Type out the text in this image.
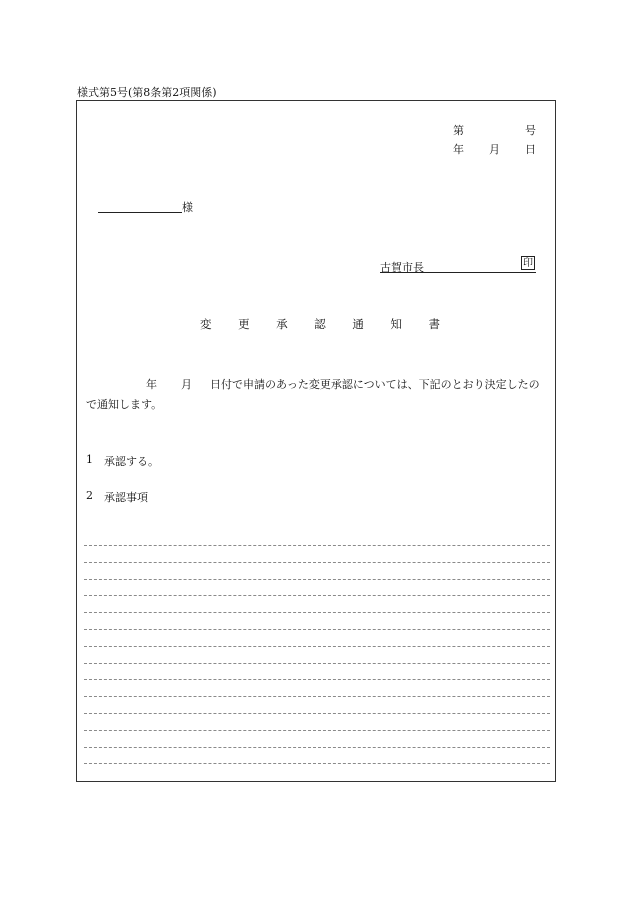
様式第5号(第8条第2項関係)
第	号
年 月 日
様
古賀市長	印
変 更 承 認 通 知 書
年 月 日付で申請のあった変更承認については、下記のとおり決定したので通知します。
1 承認する。
2 承認事項
